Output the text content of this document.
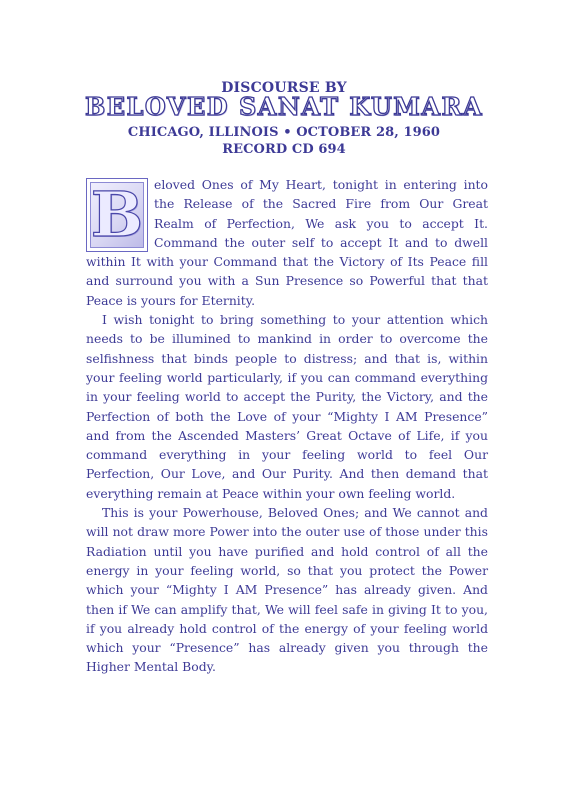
DISCOURSE BY
BELOVED SANAT KUMARA
CHICAGO, ILLINOIS • OCTOBER 28, 1960
RECORD CD 694

B eloved Ones of My Heart, tonight in entering into the Release of the Sacred Fire from Our Great Realm of Perfection, We ask you to accept It. Command the outer self to accept It and to dwell within It with your Command that the Victory of Its Peace fill and surround you with a Sun Presence so Powerful that that Peace is yours for Eternity.

I wish tonight to bring something to your attention which needs to be illumined to mankind in order to overcome the selfishness that binds people to distress; and that is, within your feeling world particularly, if you can command everything in your feeling world to accept the Purity, the Victory, and the Perfection of both the Love of your “Mighty I AM Presence” and from the Ascended Masters’ Great Octave of Life, if you command everything in your feeling world to feel Our Perfection, Our Love, and Our Purity. And then demand that everything remain at Peace within your own feeling world.

This is your Powerhouse, Beloved Ones; and We cannot and will not draw more Power into the outer use of those under this Radiation until you have purified and hold control of all the energy in your feeling world, so that you protect the Power which your “Mighty I AM Presence” has already given. And then if We can amplify that, We will feel safe in giving It to you, if you already hold control of the energy of your feeling world which your “Presence” has already given you through the Higher Mental Body.
